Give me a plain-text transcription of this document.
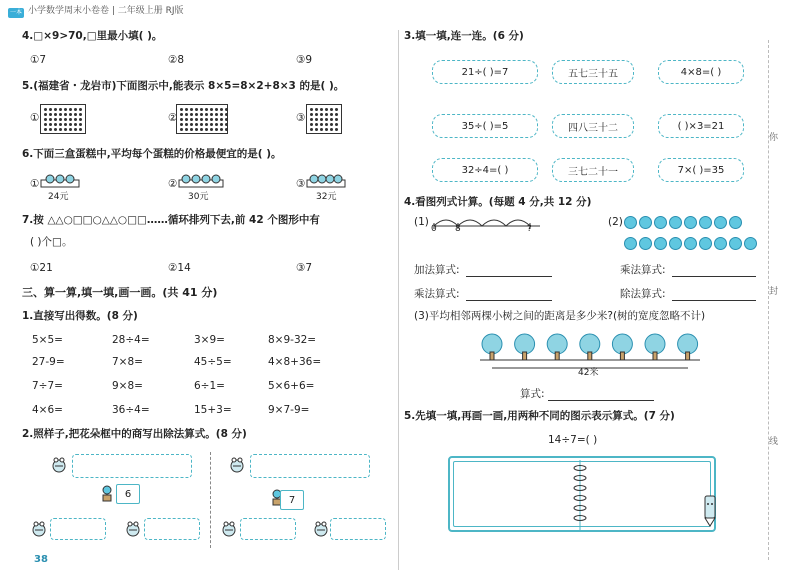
一本 小学数学周末小卷卷 | 二年级上册 RJ版
4.□×9>70,□里最小填( )。
①7	②8	③9
5.(福建省・龙岩市)下面图示中,能表示 8×5=8×2+8×3 的是( )。
①	②	③
6.下面三盒蛋糕中,平均每个蛋糕的价格最便宜的是( )。
①	②	③
24元	30元	32元
7.按 △△○□□○△△○□□……循环排列下去,前 42 个图形中有
( )个□。
①21	②14	③7
三、算一算,填一填,画一画。(共 41 分)
1.直接写出得数。(8 分)
5×5=	28÷4=	3×9=	8×9-32=
27-9=	7×8=	45÷5=	4×8+36=
7÷7=	9×8=	6÷1=	5×6+6=
4×6=	36÷4=	15+3=	9×7-9=
2.照样子,把花朵框中的商写出除法算式。(8 分)
6
7
38
3.填一填,连一连。(6 分)
21÷( )=7
35÷( )=5
32÷4=( )
五七三十五
四八三十二
三七二十一
4×8=( )
( )×3=21
7×( )=35
4.看图列式计算。(每题 4 分,共 12 分)
(1)
0 8	?
(2)
加法算式:
乘法算式:
乘法算式:
除法算式:
(3)平均相邻两棵小树之间的距离是多少米?(树的宽度忽略不计)
42米
算式:
5.先填一填,再画一画,用两种不同的图示表示算式。(7 分)
14÷7=( )
你
封
线
